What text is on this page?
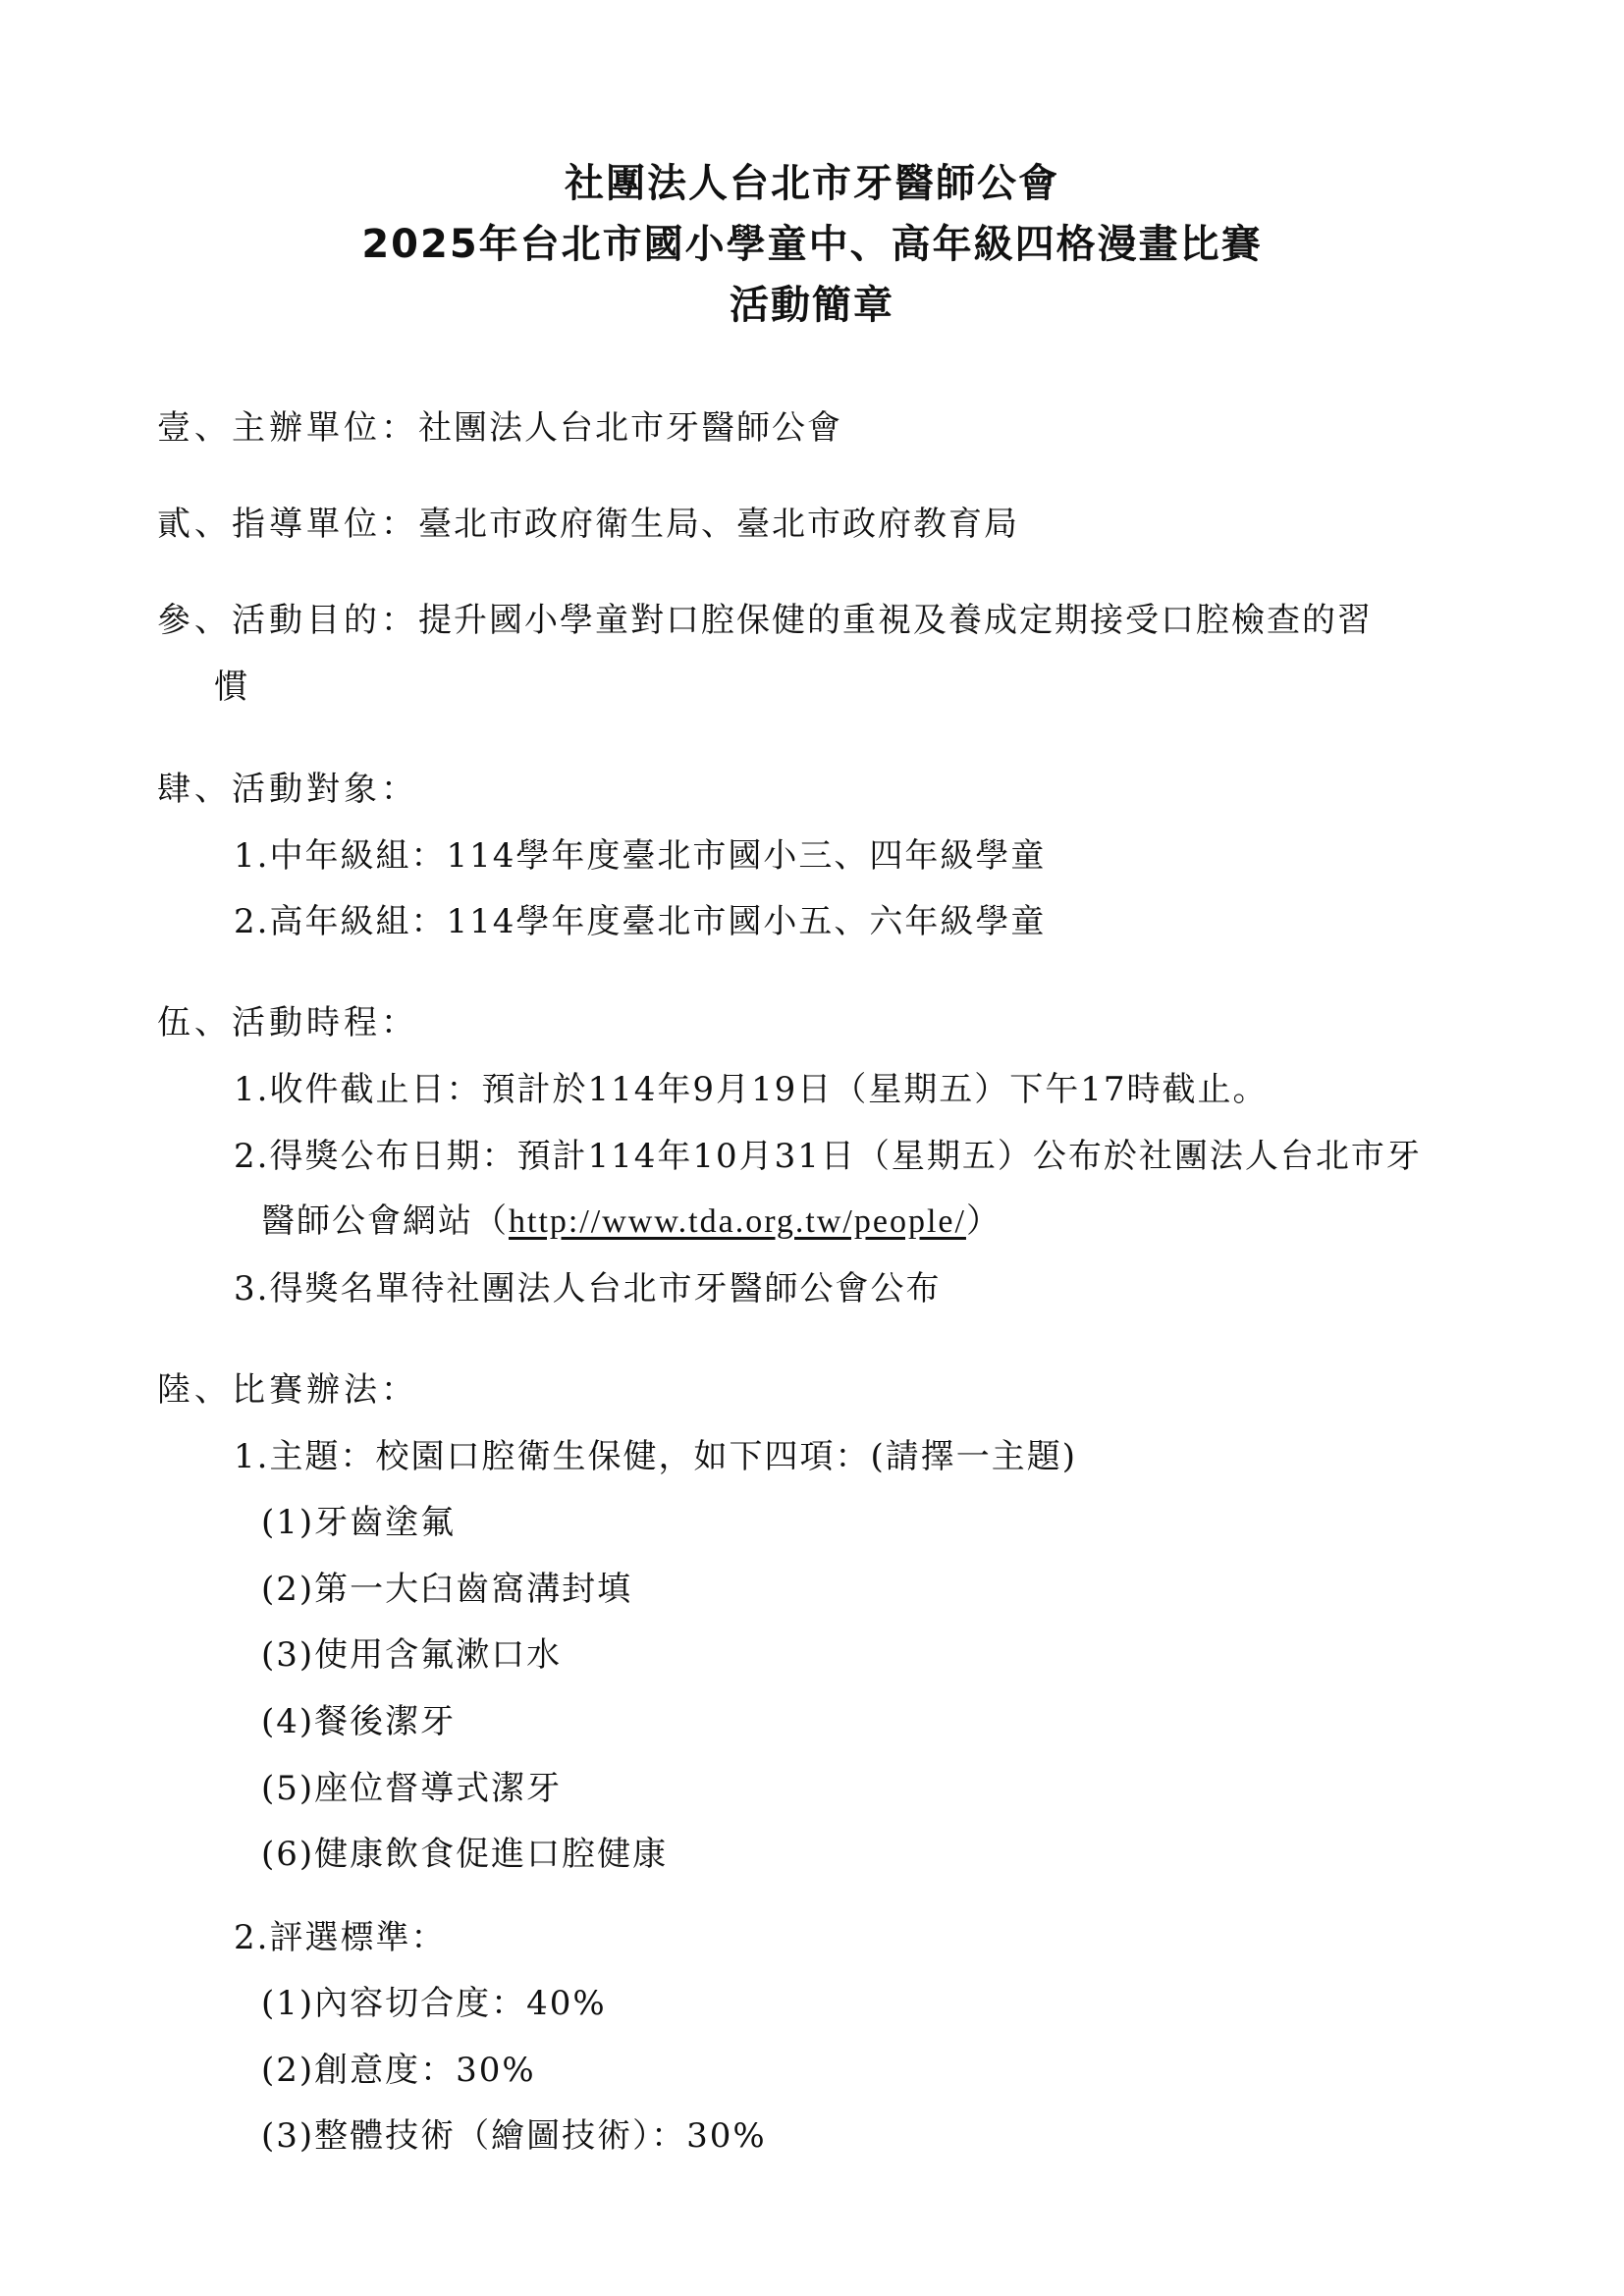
社團法人台北市牙醫師公會
2025年台北市國小學童中、高年級四格漫畫比賽
活動簡章
壹、主辦單位：社團法人台北市牙醫師公會
貳、指導單位：臺北市政府衛生局、臺北市政府教育局
參、活動目的：提升國小學童對口腔保健的重視及養成定期接受口腔檢查的習
慣
肆、活動對象：
1.中年級組：114學年度臺北市國小三、四年級學童
2.高年級組：114學年度臺北市國小五、六年級學童
伍、活動時程：
1.收件截止日：預計於114年9月19日（星期五）下午17時截止。
2.得獎公布日期：預計114年10月31日（星期五）公布於社團法人台北市牙
醫師公會網站（http://www.tda.org.tw/people/）
3.得獎名單待社團法人台北市牙醫師公會公布
陸、比賽辦法：
1.主題：校園口腔衛生保健，如下四項：(請擇一主題)
(1)牙齒塗氟
(2)第一大臼齒窩溝封填
(3)使用含氟漱口水
(4)餐後潔牙
(5)座位督導式潔牙
(6)健康飲食促進口腔健康
2.評選標準：
(1)內容切合度：40%
(2)創意度：30%
(3)整體技術（繪圖技術）：30%
